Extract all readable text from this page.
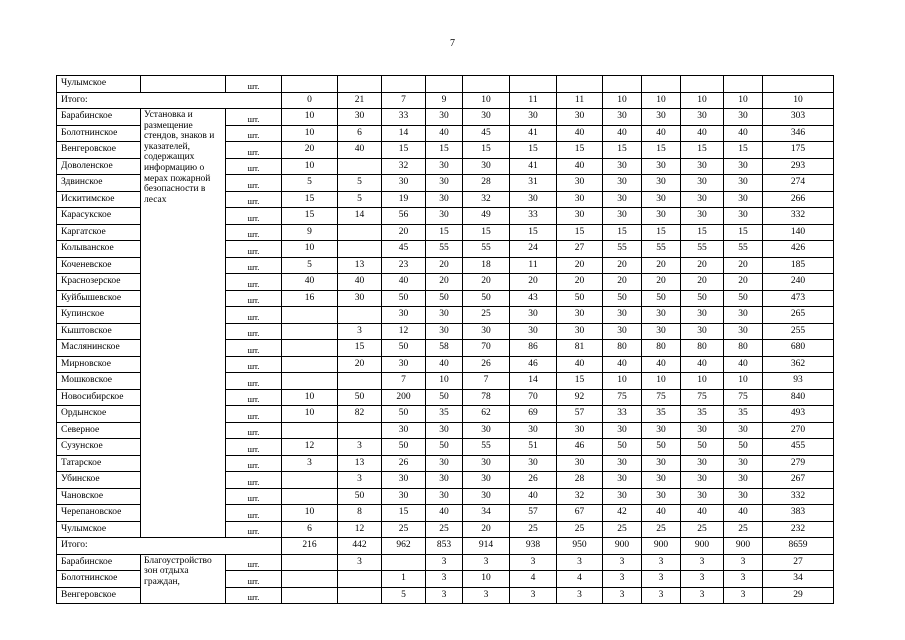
7
Чулымское		шт.												
Итого:			0	21	7	9	10	11	11	10	10	10	10	10
Барабинское	Установка и размещение стендов, знаков и указателей, содержащих информацию о мерах пожарной безопасности в лесах	шт.	10	30	33	30	30	30	30	30	30	30	30	303
Болотнинское		шт.	10	6	14	40	45	41	40	40	40	40	40	346
Венгеровское		шт.	20	40	15	15	15	15	15	15	15	15	15	175
Доволенское		шт.	10		32	30	30	41	40	30	30	30	30	293
Здвинское		шт.	5	5	30	30	28	31	30	30	30	30	30	274
Искитимское		шт.	15	5	19	30	32	30	30	30	30	30	30	266
Карасукское		шт.	15	14	56	30	49	33	30	30	30	30	30	332
Каргатское		шт.	9		20	15	15	15	15	15	15	15	15	140
Колыванское		шт.	10		45	55	55	24	27	55	55	55	55	426
Коченевское		шт.	5	13	23	20	18	11	20	20	20	20	20	185
Краснозерское		шт.	40	40	40	20	20	20	20	20	20	20	20	240
Куйбышевское		шт.	16	30	50	50	50	43	50	50	50	50	50	473
Купинское		шт.			30	30	25	30	30	30	30	30	30	265
Кыштовское		шт.		3	12	30	30	30	30	30	30	30	30	255
Маслянинское		шт.		15	50	58	70	86	81	80	80	80	80	680
Мирновское		шт.		20	30	40	26	46	40	40	40	40	40	362
Мошковское		шт.			7	10	7	14	15	10	10	10	10	93
Новосибирское		шт.	10	50	200	50	78	70	92	75	75	75	75	840
Ордынское		шт.	10	82	50	35	62	69	57	33	35	35	35	493
Северное		шт.			30	30	30	30	30	30	30	30	30	270
Сузунское		шт.	12	3	50	50	55	51	46	50	50	50	50	455
Татарское		шт.	3	13	26	30	30	30	30	30	30	30	30	279
Убинское		шт.		3	30	30	30	26	28	30	30	30	30	267
Чановское		шт.		50	30	30	30	40	32	30	30	30	30	332
Черепановское		шт.	10	8	15	40	34	57	67	42	40	40	40	383
Чулымское		шт.	6	12	25	25	20	25	25	25	25	25	25	232
Итого:			216	442	962	853	914	938	950	900	900	900	900	8659
Барабинское	Благоустройство зон отдыха граждан,	шт.		3		3	3	3	3	3	3	3	3	27
Болотнинское		шт.			1	3	10	4	4	3	3	3	3	34
Венгеровское		шт.			5	3	3	3	3	3	3	3	3	29
